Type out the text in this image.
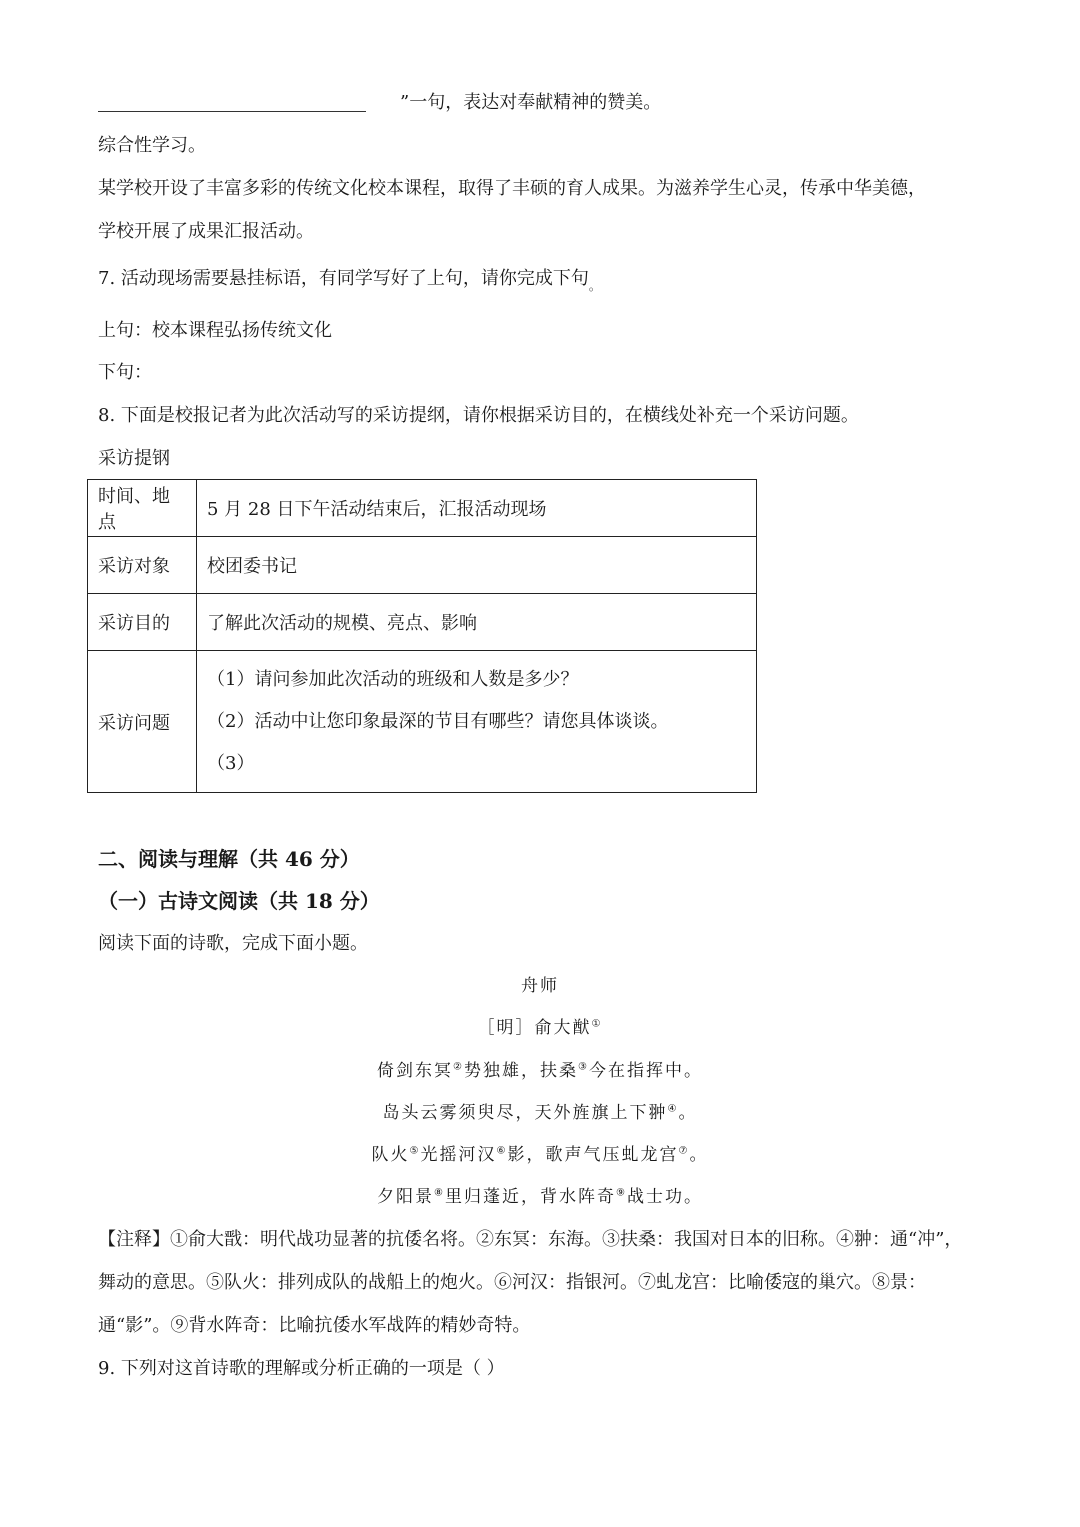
”一句，表达对奉献精神的赞美。
综合性学习。
某学校开设了丰富多彩的传统文化校本课程，取得了丰硕的育人成果。为滋养学生心灵，传承中华美德，
学校开展了成果汇报活动。
7. 活动现场需要悬挂标语，有同学写好了上句，请你完成下句$_。$
上句：校本课程弘扬传统文化
下句：
8. 下面是校报记者为此次活动写的采访提纲，请你根据采访目的，在横线处补充一个采访问题。
采访提钢
时间、地点	5 月 28 日下午活动结束后，汇报活动现场
采访对象	校团委书记
采访目的	了解此次活动的规模、亮点、影响
采访问题	（1）请问参加此次活动的班级和人数是多少？
（2）活动中让您印象最深的节目有哪些？请您具体谈谈。
（3）
二、阅读与理解（共 46 分）
（一）古诗文阅读（共 18 分）
阅读下面的诗歌，完成下面小题。
舟师
［明］俞大猷①
倚剑东冥②势独雄，扶桑③今在指挥中。
岛头云雾须臾尽，天外旌旗上下翀④。
队火⑤光摇河汉⑥影，歌声气压虬龙宫⑦。
夕阳景⑧里归蓬近，背水阵奇⑨战士功。
【注释】①俞大戬：明代战功显著的抗倭名将。②东冥：东海。③扶桑：我国对日本的旧称。④翀：通“冲”，
舞动的意思。⑤队火：排列成队的战船上的炮火。⑥河汉：指银河。⑦虬龙宫：比喻倭寇的巢穴。⑧景：
通“影”。⑨背水阵奇：比喻抗倭水军战阵的精妙奇特。
9. 下列对这首诗歌的理解或分析正确的一项是（ ）
